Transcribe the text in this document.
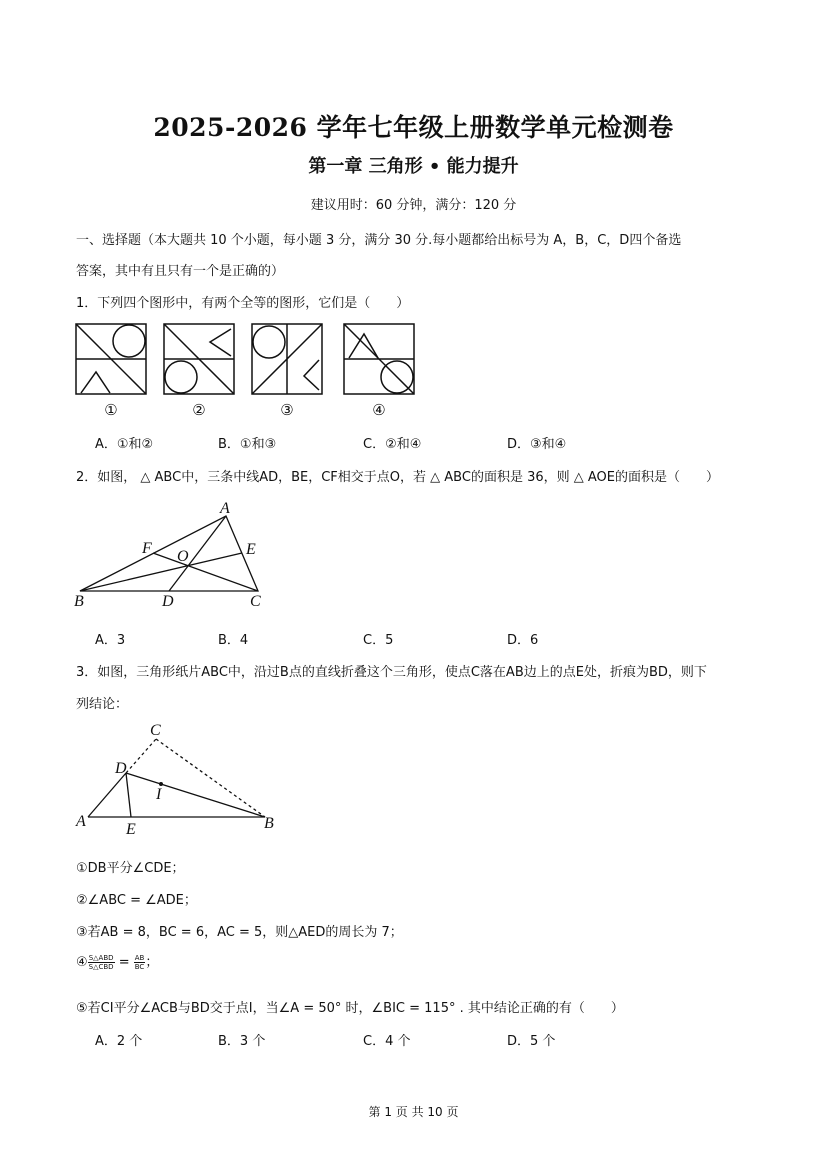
2025-2026 学年七年级上册数学单元检测卷
第一章 三角形 • 能力提升
建议用时：60 分钟，满分：120 分
一、选择题（本大题共 10 个小题，每小题 3 分，满分 30 分.每小题都给出标号为 A，B，C，D四个备选
答案，其中有且只有一个是正确的）
1．下列四个图形中，有两个全等的图形，它们是（　　）
①	②	③	④
A．①和②	B．①和③	C．②和④	D．③和④
2．如图， △ ABC中，三条中线AD，BE，CF相交于点O，若 △ ABC的面积是 36，则 △ AOE的面积是（　　）
A
B	C
D
E
F O
A．3	B．4	C．5	D．6
3．如图，三角形纸片ABC中，沿过B点的直线折叠这个三角形，使点C落在AB边上的点E处，折痕为BD，则下
列结论：
C
D
I
A	E	B
①DB平分∠CDE；
②∠ABC = ∠ADE；
③若AB = 8，BC = 6，AC = 5，则△AED的周长为 7；
④ $\frac{\text{S△ABD}}{\text{S△CBD}} = \frac{AB}{BC}$ ；
⑤若CI平分∠ACB与BD交于点I，当∠A = 50° 时，∠BIC = 115° . 其中结论正确的有（　　）
A．2 个	B．3 个	C．4 个	D．5 个
第 1 页 共 10 页
